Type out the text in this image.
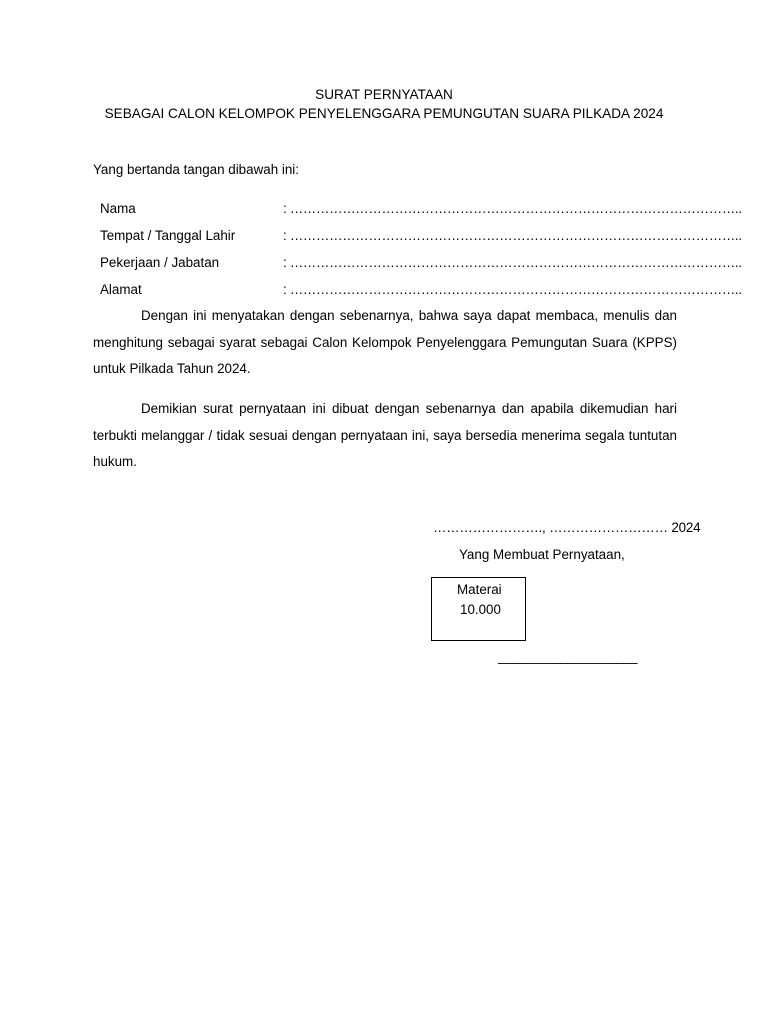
SURAT PERNYATAAN
SEBAGAI CALON KELOMPOK PENYELENGGARA PEMUNGUTAN SUARA PILKADA 2024
Yang bertanda tangan dibawah ini:
Nama	: …………………………………………………………………………………………..
Tempat / Tanggal Lahir	: …………………………………………………………………………………………..
Pekerjaan / Jabatan	: …………………………………………………………………………………………..
Alamat	: …………………………………………………………………………………………..
Dengan ini menyatakan dengan sebenarnya, bahwa saya dapat membaca, menulis dan menghitung sebagai syarat sebagai Calon Kelompok Penyelenggara Pemungutan Suara (KPPS) untuk Pilkada Tahun 2024.
Demikian surat pernyataan ini dibuat dengan sebenarnya dan apabila dikemudian hari terbukti melanggar / tidak sesuai dengan pernyataan ini, saya bersedia menerima segala tuntutan hukum.
……………………., ……………………… 2024
Yang Membuat Pernyataan,
Materai
10.000
____________________
